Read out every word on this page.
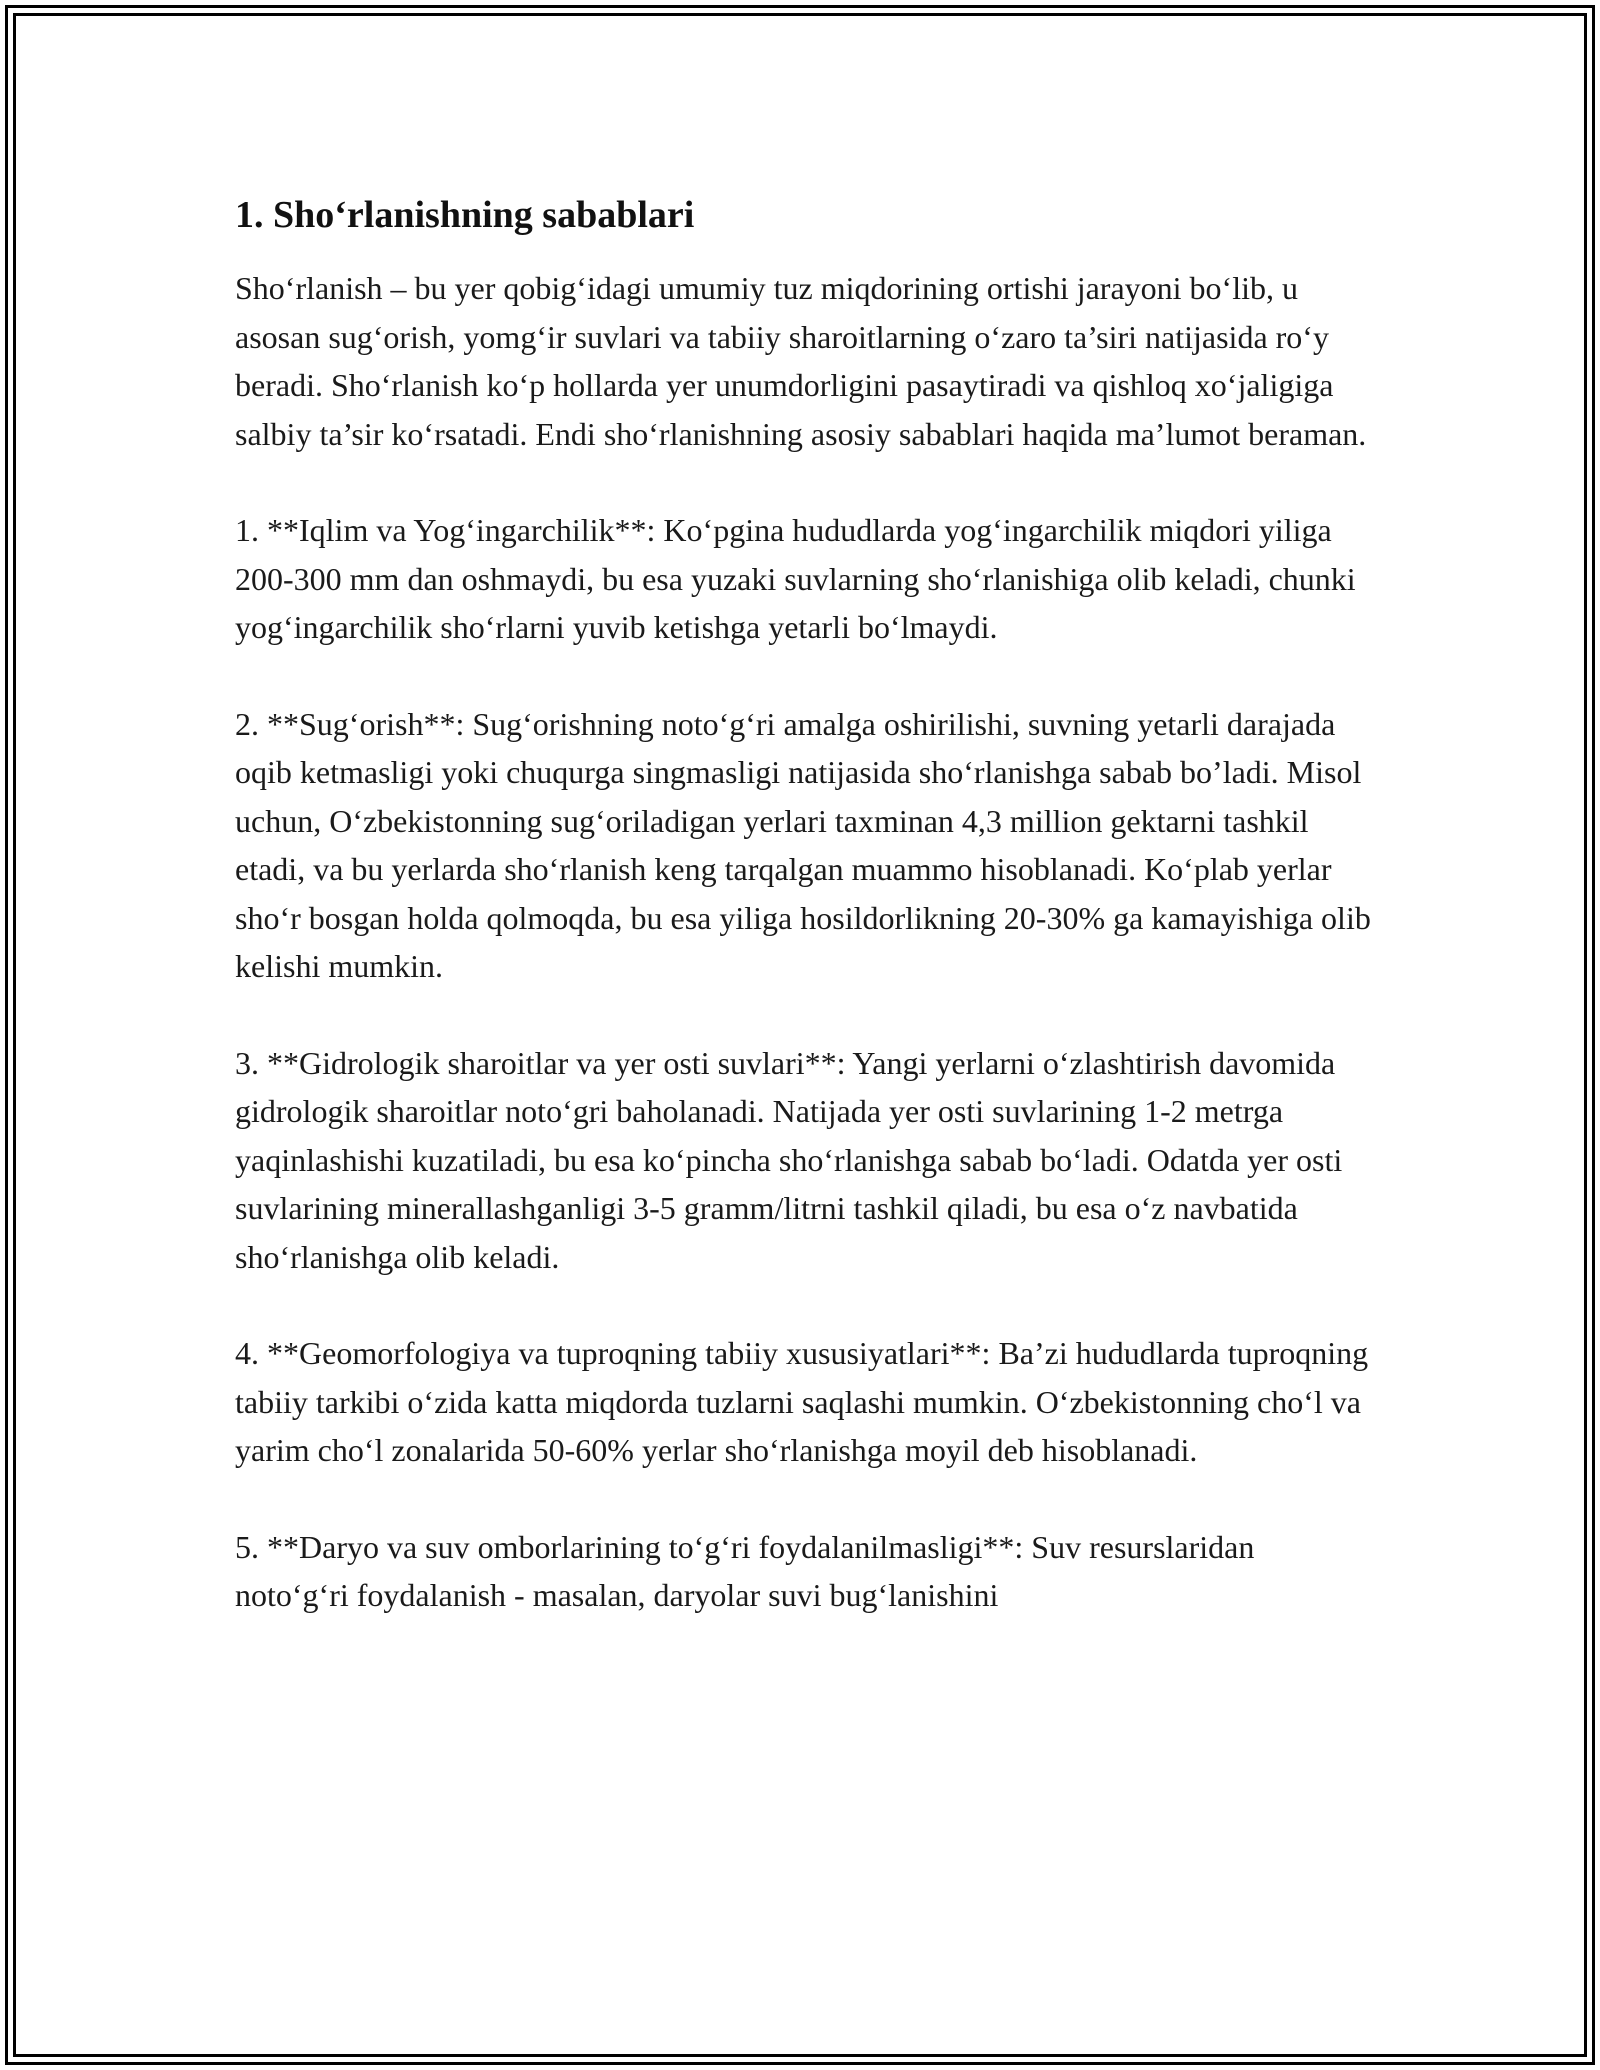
1. Sho‘rlanishning sabablari

Sho‘rlanish – bu yer qobig‘idagi umumiy tuz miqdorining ortishi jarayoni bo‘lib, u asosan sug‘orish, yomg‘ir suvlari va tabiiy sharoitlarning o‘zaro ta’siri natijasida ro‘y beradi. Sho‘rlanish ko‘p hollarda yer unumdorligini pasaytiradi va qishloq xo‘jaligiga salbiy ta’sir ko‘rsatadi. Endi sho‘rlanishning asosiy sabablari haqida ma’lumot beraman.

1. **Iqlim va Yog‘ingarchilik**: Ko‘pgina hududlarda yog‘ingarchilik miqdori yiliga 200-300 mm dan oshmaydi, bu esa yuzaki suvlarning sho‘rlanishiga olib keladi, chunki yog‘ingarchilik sho‘rlarni yuvib ketishga yetarli bo‘lmaydi.

2. **Sug‘orish**: Sug‘orishning noto‘g‘ri amalga oshirilishi, suvning yetarli darajada oqib ketmasligi yoki chuqurga singmasligi natijasida sho‘rlanishga sabab bo’ladi. Misol uchun, O‘zbekistonning sug‘oriladigan yerlari taxminan 4,3 million gektarni tashkil etadi, va bu yerlarda sho‘rlanish keng tarqalgan muammo hisoblanadi. Ko‘plab yerlar sho‘r bosgan holda qolmoqda, bu esa yiliga hosildorlikning 20-30% ga kamayishiga olib kelishi mumkin.

3. **Gidrologik sharoitlar va yer osti suvlari**: Yangi yerlarni o‘zlashtirish davomida gidrologik sharoitlar noto‘gri baholanadi. Natijada yer osti suvlarining 1-2 metrga yaqinlashishi kuzatiladi, bu esa ko‘pincha sho‘rlanishga sabab bo‘ladi. Odatda yer osti suvlarining minerallashganligi 3-5 gramm/litrni tashkil qiladi, bu esa o‘z navbatida sho‘rlanishga olib keladi.

4. **Geomorfologiya va tuproqning tabiiy xususiyatlari**: Ba’zi hududlarda tuproqning tabiiy tarkibi o‘zida katta miqdorda tuzlarni saqlashi mumkin. O‘zbekistonning cho‘l va yarim cho‘l zonalarida 50-60% yerlar sho‘rlanishga moyil deb hisoblanadi.

5. **Daryo va suv omborlarining to‘g‘ri foydalanilmasligi**: Suv resurslaridan noto‘g‘ri foydalanish - masalan, daryolar suvi bug‘lanishini
